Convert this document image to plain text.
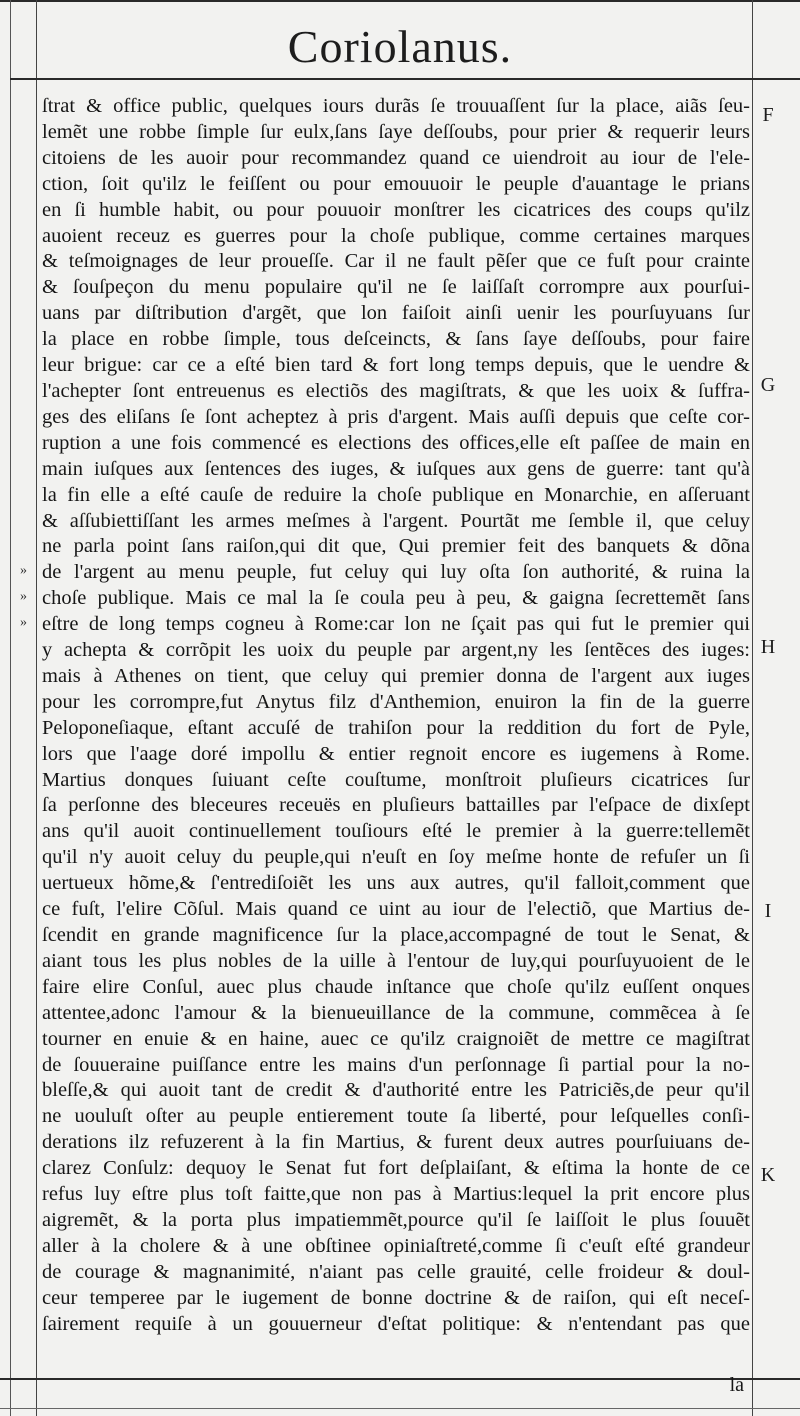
Coriolanus.
ſtrat & office public, quelques iours durãs ſe trouuaſſent ſur la place, aiãs ſeu-
lemẽt une robbe ſimple ſur eulx,ſans ſaye deſſoubs, pour prier & requerir leurs
citoiens de les auoir pour recommandez quand ce uiendroit au iour de l'ele-
ction, ſoit qu'ilz le feiſſent ou pour emouuoir le peuple d'auantage le prians
en ſi humble habit, ou pour pouuoir monſtrer les cicatrices des coups qu'ilz
auoient receuz es guerres pour la choſe publique, comme certaines marques
& teſmoignages de leur proueſſe. Car il ne fault pẽſer que ce fuſt pour crainte
& ſouſpeçon du menu populaire qu'il ne ſe laiſſaſt corrompre aux pourſui-
uans par diſtribution d'argẽt, que lon faiſoit ainſi uenir les pourſuyuans ſur
la place en robbe ſimple, tous deſceincts, & ſans ſaye deſſoubs, pour faire
leur brigue: car ce a eſté bien tard & fort long temps depuis, que le uendre &
l'achepter ſont entreuenus es electiõs des magiſtrats, & que les uoix & ſuffra-
ges des eliſans ſe ſont acheptez à pris d'argent. Mais auſſi depuis que ceſte cor-
ruption a une fois commencé es elections des offices,elle eſt paſſee de main en
main iuſques aux ſentences des iuges, & iuſques aux gens de guerre: tant qu'à
la fin elle a eſté cauſe de reduire la choſe publique en Monarchie, en aſſeruant
& aſſubiettiſſant les armes meſmes à l'argent. Pourtãt me ſemble il, que celuy
ne parla point ſans raiſon,qui dit que, Qui premier feit des banquets & dõna
de l'argent au menu peuple, fut celuy qui luy oſta ſon authorité, & ruina la
choſe publique. Mais ce mal la ſe coula peu à peu, & gaigna ſecrettemẽt ſans
eſtre de long temps cogneu à Rome:car lon ne ſçait pas qui fut le premier qui
y achepta & corrõpit les uoix du peuple par argent,ny les ſentẽces des iuges:
mais à Athenes on tient, que celuy qui premier donna de l'argent aux iuges
pour les corrompre,fut Anytus filz d'Anthemion, enuiron la fin de la guerre
Peloponeſiaque, eſtant accuſé de trahiſon pour la reddition du fort de Pyle,
lors que l'aage doré impollu & entier regnoit encore es iugemens à Rome.
Martius donques ſuiuant ceſte couſtume, monſtroit pluſieurs cicatrices ſur
ſa perſonne des bleceures receuës en pluſieurs battailles par l'eſpace de dixſept
ans qu'il auoit continuellement touſiours eſté le premier à la guerre:tellemẽt
qu'il n'y auoit celuy du peuple,qui n'euſt en ſoy meſme honte de refuſer un ſi
uertueux hõme,& ſ'entrediſoiẽt les uns aux autres, qu'il falloit,comment que
ce fuſt, l'elire Cõſul. Mais quand ce uint au iour de l'electiõ, que Martius de-
ſcendit en grande magnificence ſur la place,accompagné de tout le Senat, &
aiant tous les plus nobles de la uille à l'entour de luy,qui pourſuyuoient de le
faire elire Conſul, auec plus chaude inſtance que choſe qu'ilz euſſent onques
attentee,adonc l'amour & la bienueuillance de la commune, commẽcea à ſe
tourner en enuie & en haine, auec ce qu'ilz craignoiẽt de mettre ce magiſtrat
de ſouueraine puiſſance entre les mains d'un perſonnage ſi partial pour la no-
bleſſe,& qui auoit tant de credit & d'authorité entre les Patriciẽs,de peur qu'il
ne uouluſt oſter au peuple entierement toute ſa liberté, pour leſquelles conſi-
derations ilz refuzerent à la fin Martius, & furent deux autres pourſuiuans de-
clarez Conſulz: dequoy le Senat fut fort deſplaiſant, & eſtima la honte de ce
refus luy eſtre plus toſt faitte,que non pas à Martius:lequel la prit encore plus
aigremẽt, & la porta plus impatiemmẽt,pource qu'il ſe laiſſoit le plus ſouuẽt
aller à la cholere & à une obſtinee opiniaſtreté,comme ſi c'euſt eſté grandeur
de courage & magnanimité, n'aiant pas celle grauité, celle froideur & doul-
ceur temperee par le iugement de bonne doctrine & de raiſon, qui eſt neceſ-
ſairement requiſe à un gouuerneur d'eſtat politique: & n'entendant pas que
F
G
H
I
K
»
»
»
la
